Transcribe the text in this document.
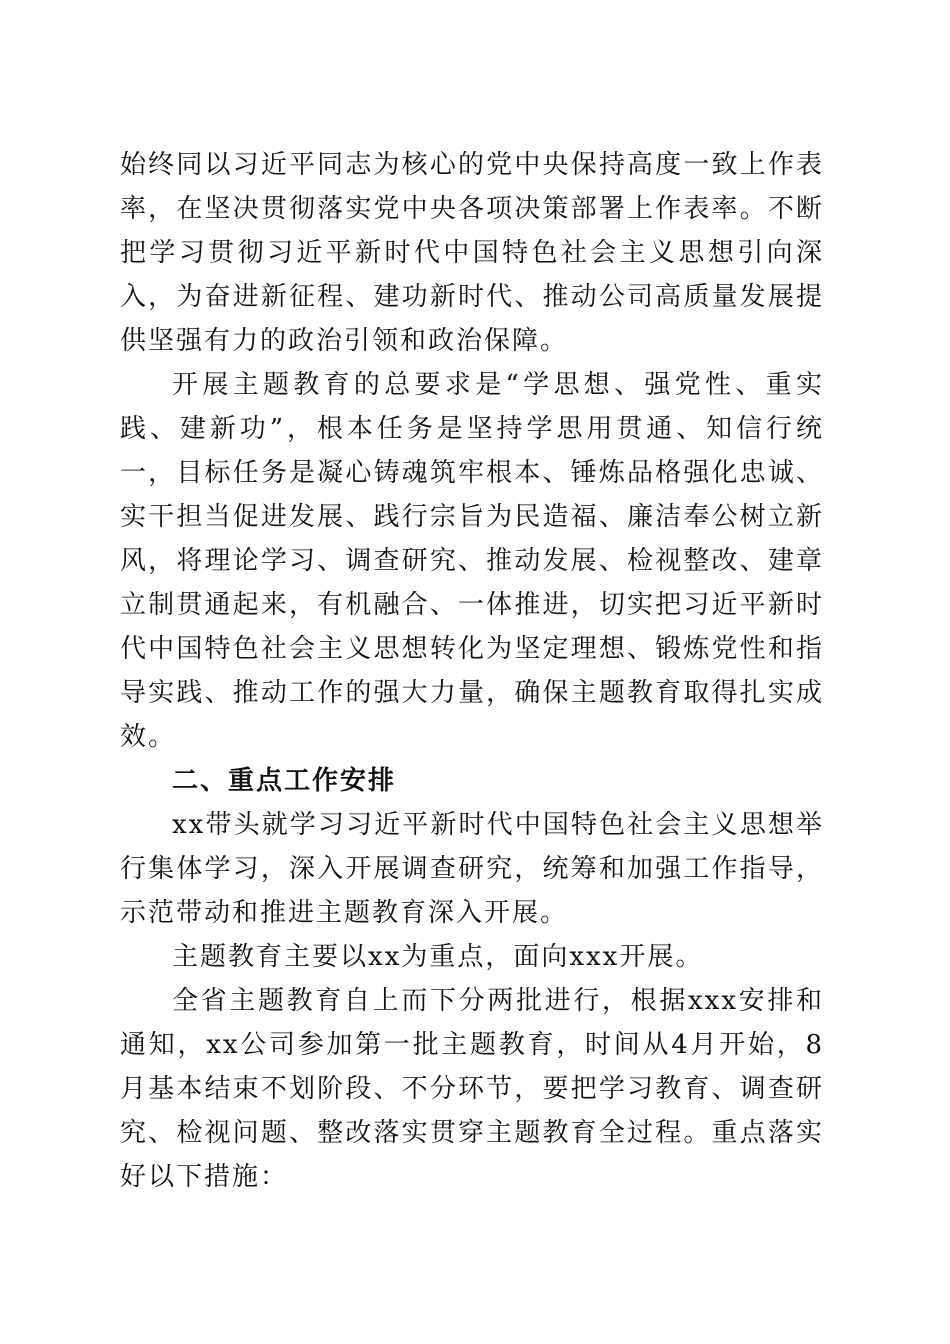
始终同以习近平同志为核心的党中央保持高度一致上作表率，在坚决贯彻落实党中央各项决策部署上作表率。不断把学习贯彻习近平新时代中国特色社会主义思想引向深入，为奋进新征程、建功新时代、推动公司高质量发展提供坚强有力的政治引领和政治保障。

开展主题教育的总要求是“学思想、强党性、重实践、建新功”，根本任务是坚持学思用贯通、知信行统一，目标任务是凝心铸魂筑牢根本、锤炼品格强化忠诚、实干担当促进发展、践行宗旨为民造福、廉洁奉公树立新风，将理论学习、调查研究、推动发展、检视整改、建章立制贯通起来，有机融合、一体推进，切实把习近平新时代中国特色社会主义思想转化为坚定理想、锻炼党性和指导实践、推动工作的强大力量，确保主题教育取得扎实成效。

二、重点工作安排

xx带头就学习习近平新时代中国特色社会主义思想举行集体学习，深入开展调查研究，统筹和加强工作指导，示范带动和推进主题教育深入开展。

主题教育主要以xx为重点，面向xxx开展。

全省主题教育自上而下分两批进行，根据xxx安排和通知，xx公司参加第一批主题教育，时间从4月开始，8月基本结束不划阶段、不分环节，要把学习教育、调查研究、检视问题、整改落实贯穿主题教育全过程。重点落实好以下措施：
